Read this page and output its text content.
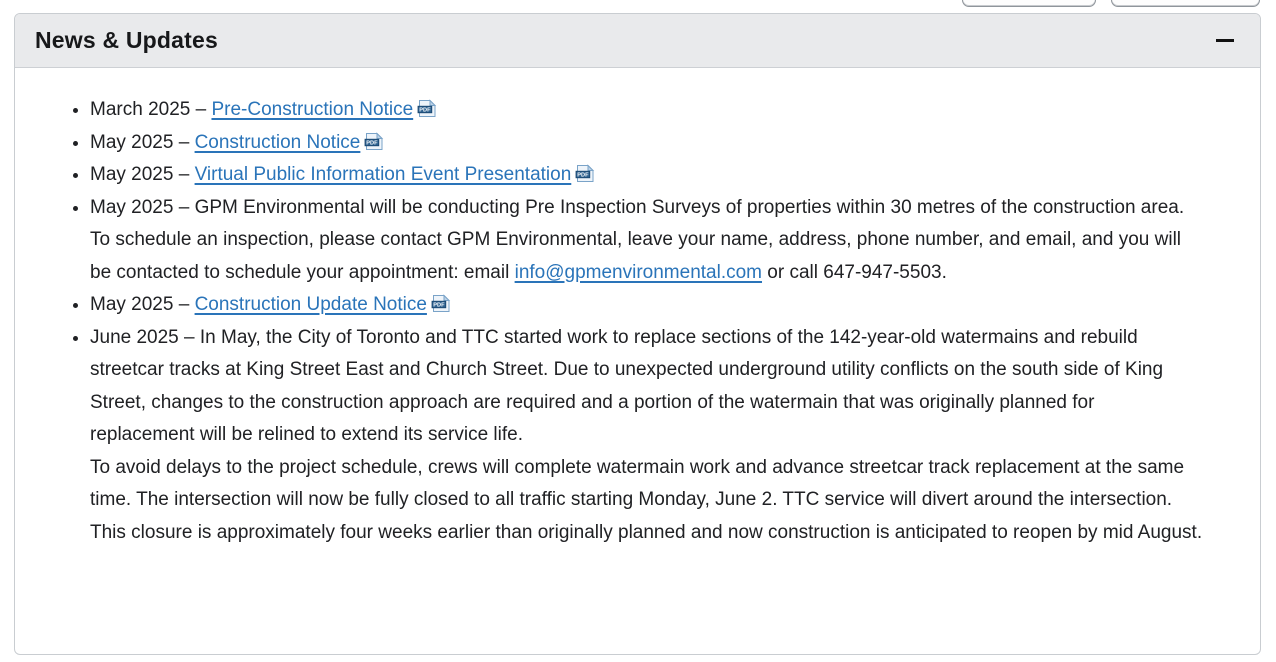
News & Updates
• March 2025 – Pre-Construction Notice PDF
• May 2025 – Construction Notice PDF
• May 2025 – Virtual Public Information Event Presentation PDF
• May 2025 – GPM Environmental will be conducting Pre Inspection Surveys of properties within 30 metres of the construction area. To schedule an inspection, please contact GPM Environmental, leave your name, address, phone number, and email, and you will be contacted to schedule your appointment: email info@gpmenvironmental.com or call 647-947-5503.
• May 2025 – Construction Update Notice PDF
• June 2025 – In May, the City of Toronto and TTC started work to replace sections of the 142-year-old watermains and rebuild streetcar tracks at King Street East and Church Street. Due to unexpected underground utility conflicts on the south side of King Street, changes to the construction approach are required and a portion of the watermain that was originally planned for replacement will be relined to extend its service life.
To avoid delays to the project schedule, crews will complete watermain work and advance streetcar track replacement at the same time. The intersection will now be fully closed to all traffic starting Monday, June 2. TTC service will divert around the intersection. This closure is approximately four weeks earlier than originally planned and now construction is anticipated to reopen by mid August.
